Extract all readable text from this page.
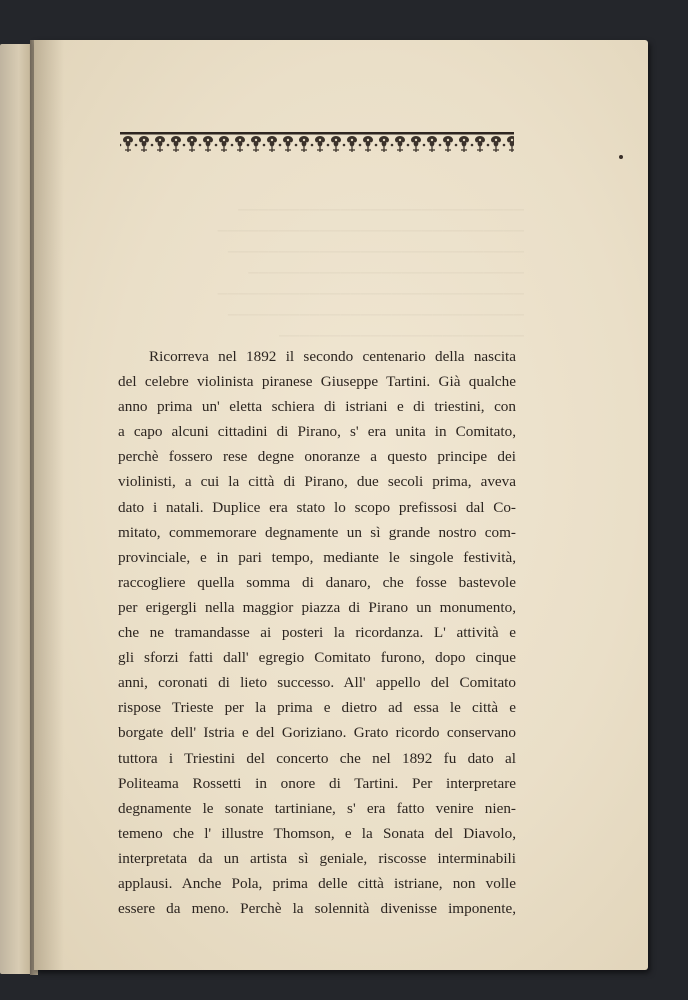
────────────────────────────
──────────────────────────────
─────────────────────────────
───────────────────────────
──────────────────────────────
─────────────────────────────
────────────────────────
Ricorreva nel 1892 il secondo centenario della nascita
del celebre violinista piranese Giuseppe Tartini. Già qualche
anno prima un' eletta schiera di istriani e di triestini, con
a capo alcuni cittadini di Pirano, s' era unita in Comitato,
perchè fossero rese degne onoranze a questo principe dei
violinisti, a cui la città di Pirano, due secoli prima, aveva
dato i natali. Duplice era stato lo scopo prefissosi dal Co-
mitato, commemorare degnamente un sì grande nostro com-
provinciale, e in pari tempo, mediante le singole festività,
raccogliere quella somma di danaro, che fosse bastevole
per erigergli nella maggior piazza di Pirano un monumento,
che ne tramandasse ai posteri la ricordanza. L' attività e
gli sforzi fatti dall' egregio Comitato furono, dopo cinque
anni, coronati di lieto successo. All' appello del Comitato
rispose Trieste per la prima e dietro ad essa le città e
borgate dell' Istria e del Goriziano. Grato ricordo conservano
tuttora i Triestini del concerto che nel 1892 fu dato al
Politeama Rossetti in onore di Tartini. Per interpretare
degnamente le sonate tartiniane, s' era fatto venire nien-
temeno che l' illustre Thomson, e la Sonata del Diavolo,
interpretata da un artista sì geniale, riscosse interminabili
applausi. Anche Pola, prima delle città istriane, non volle
essere da meno. Perchè la solennità divenisse imponente,
